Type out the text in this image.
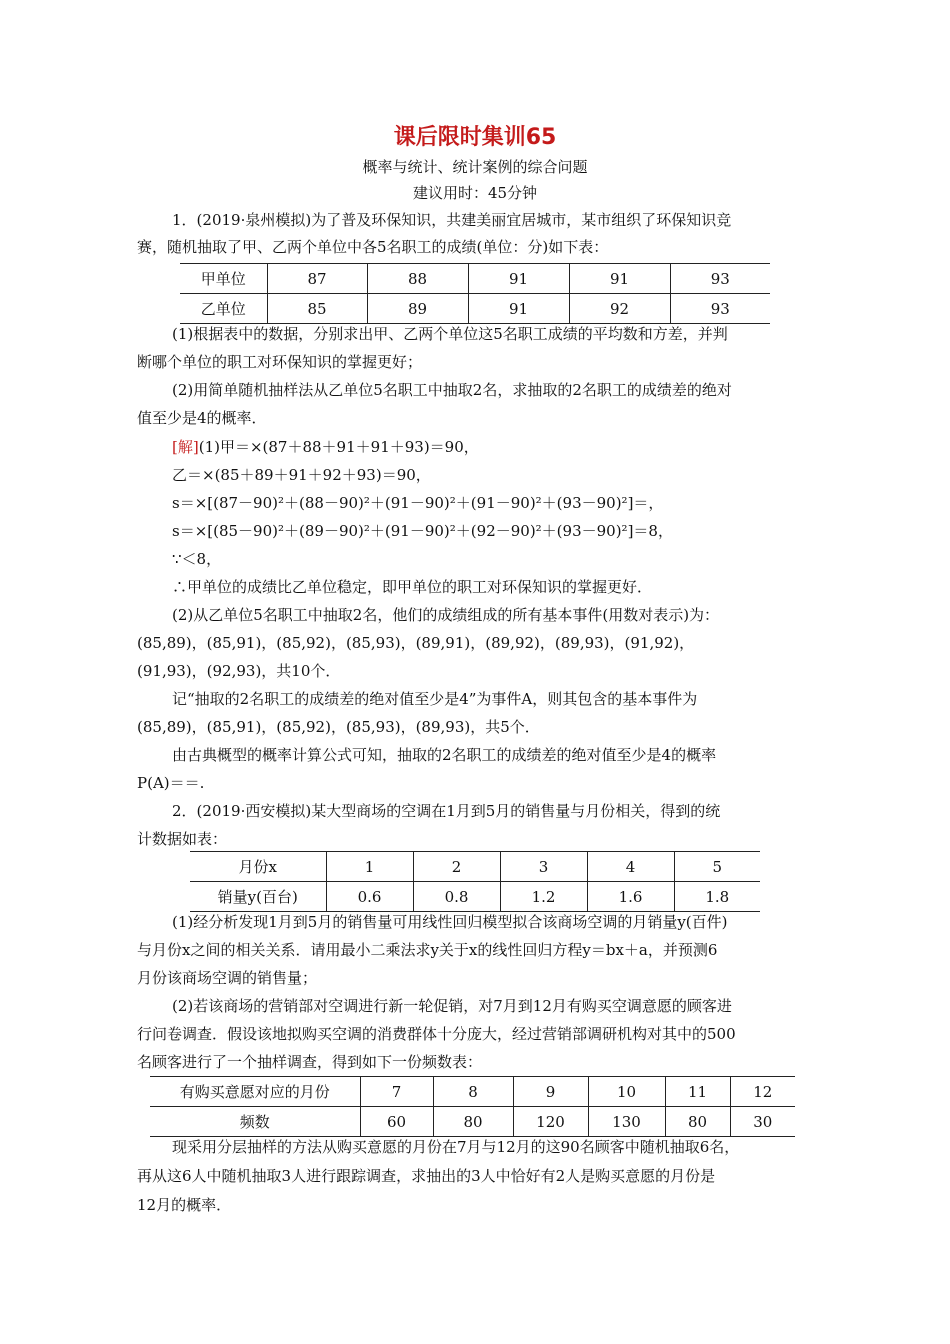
课后限时集训65
概率与统计、统计案例的综合问题
建议用时：45分钟
1．(2019·泉州模拟)为了普及环保知识，共建美丽宜居城市，某市组织了环保知识竞
赛，随机抽取了甲、乙两个单位中各5名职工的成绩(单位：分)如下表：
甲单位	87	88	91	91	93
乙单位	85	89	91	92	93
(1)根据表中的数据，分别求出甲、乙两个单位这5名职工成绩的平均数和方差，并判
断哪个单位的职工对环保知识的掌握更好；
(2)用简单随机抽样法从乙单位5名职工中抽取2名，求抽取的2名职工的成绩差的绝对
值至少是4的概率．
[解](1)甲＝×(87＋88＋91＋91＋93)＝90，
乙＝×(85＋89＋91＋92＋93)＝90，
s＝×[(87－90)²＋(88－90)²＋(91－90)²＋(91－90)²＋(93－90)²]＝，
s＝×[(85－90)²＋(89－90)²＋(91－90)²＋(92－90)²＋(93－90)²]＝8，
∵＜8，
∴甲单位的成绩比乙单位稳定，即甲单位的职工对环保知识的掌握更好．
(2)从乙单位5名职工中抽取2名，他们的成绩组成的所有基本事件(用数对表示)为：
(85,89)，(85,91)，(85,92)，(85,93)，(89,91)，(89,92)，(89,93)，(91,92)，
(91,93)，(92,93)，共10个．
记“抽取的2名职工的成绩差的绝对值至少是4”为事件A，则其包含的基本事件为
(85,89)，(85,91)，(85,92)，(85,93)，(89,93)，共5个．
由古典概型的概率计算公式可知，抽取的2名职工的成绩差的绝对值至少是4的概率
P(A)＝＝.
2．(2019·西安模拟)某大型商场的空调在1月到5月的销售量与月份相关，得到的统
计数据如表：
月份x	1	2	3	4	5
销量y(百台)	0.6	0.8	1.2	1.6	1.8
(1)经分析发现1月到5月的销售量可用线性回归模型拟合该商场空调的月销量y(百件)
与月份x之间的相关关系．请用最小二乘法求y关于x的线性回归方程y＝bx＋a，并预测6
月份该商场空调的销售量；
(2)若该商场的营销部对空调进行新一轮促销，对7月到12月有购买空调意愿的顾客进
行问卷调查．假设该地拟购买空调的消费群体十分庞大，经过营销部调研机构对其中的500
名顾客进行了一个抽样调查，得到如下一份频数表：
有购买意愿对应的月份	7	8	9	10	11	12
频数	60	80	120	130	80	30
现采用分层抽样的方法从购买意愿的月份在7月与12月的这90名顾客中随机抽取6名，
再从这6人中随机抽取3人进行跟踪调查，求抽出的3人中恰好有2人是购买意愿的月份是
12月的概率．
